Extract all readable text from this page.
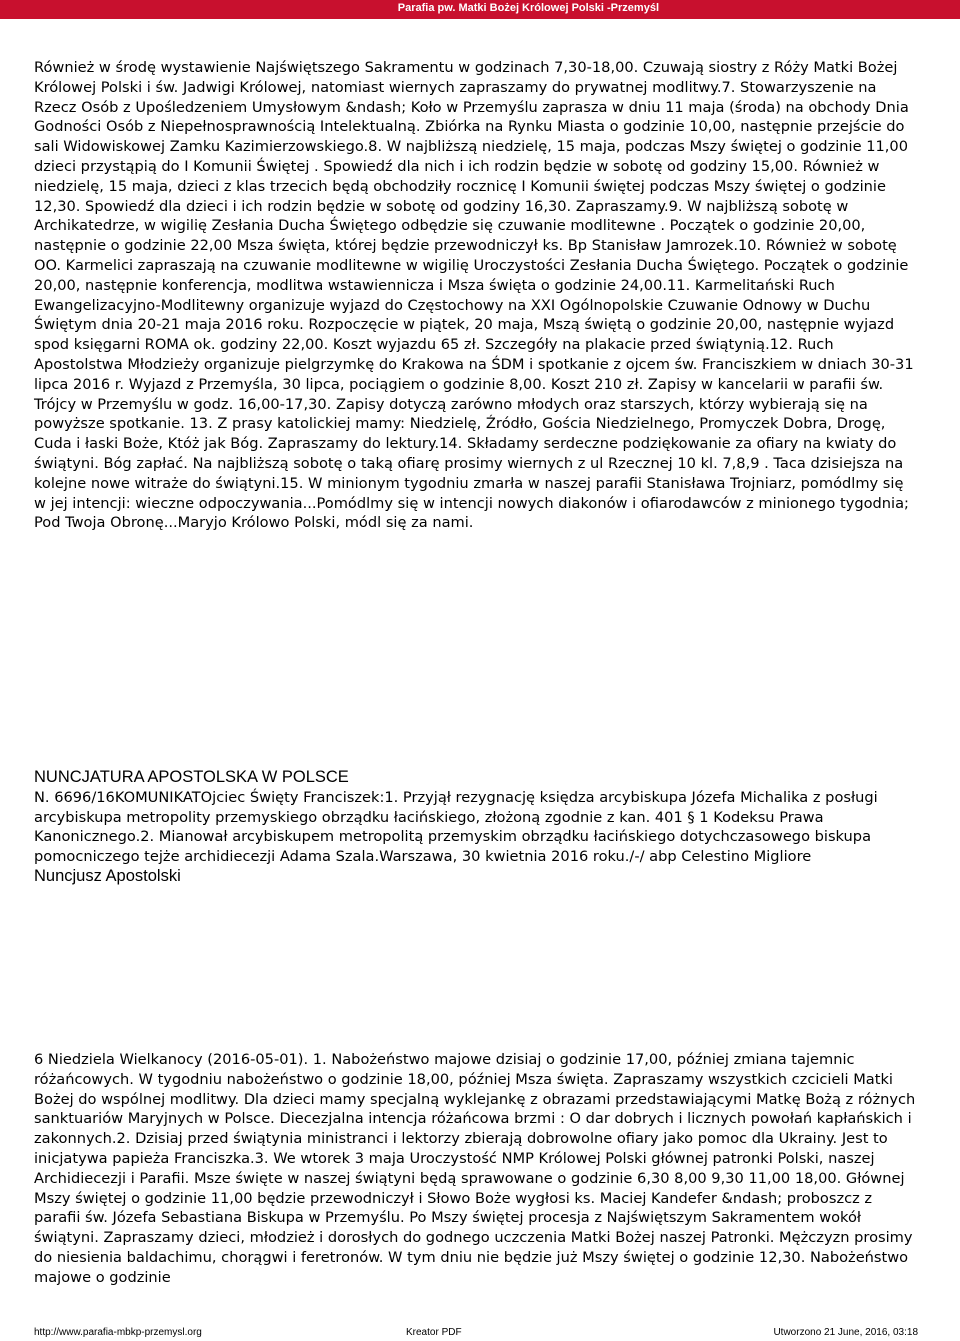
Parafia pw. Matki Bożej Królowej Polski -Przemyśl
Również w środę wystawienie Najświętszego Sakramentu w godzinach 7,30-18,00. Czuwają siostry z Róży Matki Bożej Królowej Polski i św. Jadwigi Królowej, natomiast wiernych zapraszamy do prywatnej modlitwy.7. Stowarzyszenie na Rzecz Osób z Upośledzeniem Umysłowym &ndash; Koło w Przemyślu zaprasza w dniu 11 maja (środa) na obchody Dnia Godności Osób z Niepełnosprawnością Intelektualną. Zbiórka na Rynku Miasta o godzinie 10,00, następnie przejście do sali Widowiskowej Zamku Kazimierzowskiego.8. W najbliższą niedzielę, 15 maja, podczas Mszy świętej o godzinie 11,00 dzieci przystąpią do I Komunii Świętej . Spowiedź dla nich i ich rodzin będzie w sobotę od godziny 15,00. Również w niedzielę, 15 maja, dzieci z klas trzecich będą obchodziły rocznicę I Komunii świętej podczas Mszy świętej o godzinie 12,30. Spowiedź dla dzieci i ich rodzin będzie w sobotę od godziny 16,30. Zapraszamy.9. W najbliższą sobotę w Archikatedrze, w wigilię Zesłania Ducha Świętego odbędzie się czuwanie modlitewne . Początek o godzinie 20,00, następnie o godzinie 22,00 Msza święta, której będzie przewodniczył ks. Bp Stanisław Jamrozek.10. Również w sobotę OO. Karmelici zapraszają na czuwanie modlitewne w wigilię Uroczystości Zesłania Ducha Świętego. Początek o godzinie 20,00, następnie konferencja, modlitwa wstawiennicza i Msza święta o godzinie 24,00.11. Karmelitański Ruch Ewangelizacyjno-Modlitewny organizuje wyjazd do Częstochowy na XXI Ogólnopolskie Czuwanie Odnowy w Duchu Świętym dnia 20-21 maja 2016 roku. Rozpoczęcie w piątek, 20 maja, Mszą świętą o godzinie 20,00, następnie wyjazd spod księgarni ROMA ok. godziny 22,00. Koszt wyjazdu 65 zł. Szczegóły na plakacie przed świątynią.12. Ruch Apostolstwa Młodzieży organizuje pielgrzymkę do Krakowa na ŚDM i spotkanie z ojcem św. Franciszkiem w dniach 30-31 lipca 2016 r. Wyjazd z Przemyśla, 30 lipca, pociągiem o godzinie 8,00. Koszt 210 zł. Zapisy w kancelarii w parafii św. Trójcy w Przemyślu w godz. 16,00-17,30. Zapisy dotyczą zarówno młodych oraz starszych, którzy wybierają się na powyższe spotkanie. 13. Z prasy katolickiej mamy: Niedzielę, Źródło, Gościa Niedzielnego, Promyczek Dobra, Drogę, Cuda i łaski Boże, Któż jak Bóg. Zapraszamy do lektury.14. Składamy serdeczne podziękowanie za ofiary na kwiaty do świątyni. Bóg zapłać. Na najbliższą sobotę o taką ofiarę prosimy wiernych z ul Rzecznej 10 kl. 7,8,9 . Taca dzisiejsza na kolejne nowe witraże do świątyni.15. W minionym tygodniu zmarła w naszej parafii Stanisława Trojniarz, pomódlmy się w jej intencji: wieczne odpoczywania...Pomódlmy się w intencji nowych diakonów i ofiarodawców z minionego tygodnia; Pod Twoja Obronę...Maryjo Królowo Polski, módl się za nami.
NUNCJATURA APOSTOLSKA W POLSCE
N. 6696/16KOMUNIKATOjciec Święty Franciszek:1. Przyjął rezygnację księdza arcybiskupa Józefa Michalika z posługi arcybiskupa metropolity przemyskiego obrządku łacińskiego, złożoną zgodnie z kan. 401 § 1 Kodeksu Prawa Kanonicznego.2. Mianował arcybiskupem metropolitą przemyskim obrządku łacińskiego dotychczasowego biskupa pomocniczego tejże archidiecezji Adama Szala.Warszawa, 30 kwietnia 2016 roku./-/ abp Celestino Migliore
Nuncjusz Apostolski
6 Niedziela Wielkanocy (2016-05-01). 1. Nabożeństwo majowe dzisiaj o godzinie 17,00, później zmiana tajemnic różańcowych. W tygodniu nabożeństwo o godzinie 18,00, później Msza święta. Zapraszamy wszystkich czcicieli Matki Bożej do wspólnej modlitwy. Dla dzieci mamy specjalną wyklejankę z obrazami przedstawiającymi Matkę Bożą z różnych sanktuariów Maryjnych w Polsce. Diecezjalna intencja różańcowa brzmi : O dar dobrych i licznych powołań kapłańskich i zakonnych.2. Dzisiaj przed świątynia ministranci i lektorzy zbierają dobrowolne ofiary jako pomoc dla Ukrainy. Jest to inicjatywa papieża Franciszka.3. We wtorek 3 maja Uroczystość NMP Królowej Polski głównej patronki Polski, naszej Archidiecezji i Parafii. Msze święte w naszej świątyni będą sprawowane o godzinie 6,30 8,00 9,30 11,00 18,00. Głównej Mszy świętej o godzinie 11,00 będzie przewodniczył i Słowo Boże wygłosi ks. Maciej Kandefer &ndash; proboszcz z parafii św. Józefa Sebastiana Biskupa w Przemyślu. Po Mszy świętej procesja z Najświętszym Sakramentem wokół świątyni. Zapraszamy dzieci, młodzież i dorosłych do godnego uczczenia Matki Bożej naszej Patronki. Mężczyzn prosimy do niesienia baldachimu, chorągwi i feretronów. W tym dniu nie będzie już Mszy świętej o godzinie 12,30. Nabożeństwo majowe o godzinie
http://www.parafia-mbkp-przemysl.org	Kreator PDF	Utworzono 21 June, 2016, 03:18
